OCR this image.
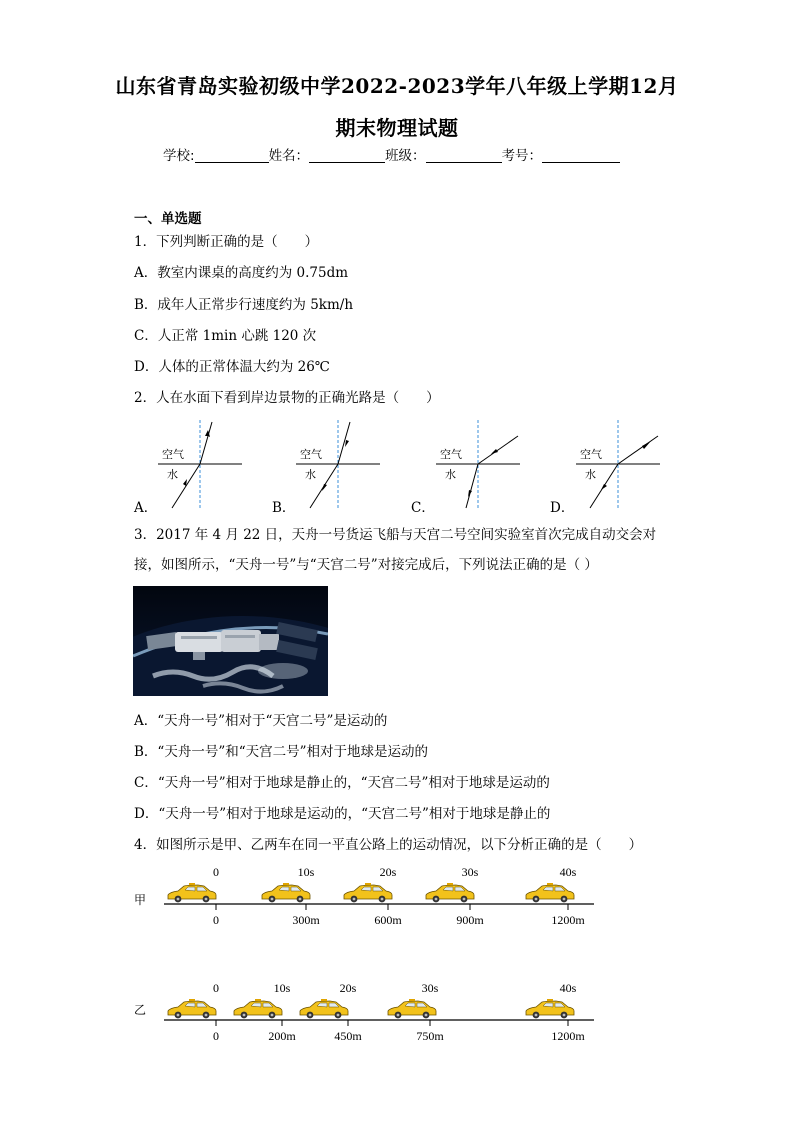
山东省青岛实验初级中学2022-2023学年八年级上学期12月
期末物理试题
学校:	姓名：	班级：	考号：
一、单选题
1．下列判断正确的是（　　）
A．教室内课桌的高度约为 0.75dm
B．成年人正常步行速度约为 5km/h
C．人正常 1min 心跳 120 次
D．人体的正常体温大约为 26℃
2．人在水面下看到岸边景物的正确光路是（　　）
空气
水
空气
水
空气
水
空气
水
A．	B．	C．	D．
3．2017 年 4 月 22 日，天舟一号货运飞船与天宫二号空间实验室首次完成自动交会对
接，如图所示，“天舟一号”与“天宫二号”对接完成后，下列说法正确的是（ ）
A．“天舟一号”相对于“天宫二号”是运动的
B．“天舟一号”和“天宫二号”相对于地球是运动的
C．“天舟一号”相对于地球是静止的，“天宫二号”相对于地球是运动的
D．“天舟一号”相对于地球是运动的，“天宫二号”相对于地球是静止的
4．如图所示是甲、乙两车在同一平直公路上的运动情况，以下分析正确的是（　　）
甲
0
0
10s
300m
20s
600m
30s
900m
40s
1200m
乙
0
0
10s
200m
20s
450m
30s
750m
40s
1200m
